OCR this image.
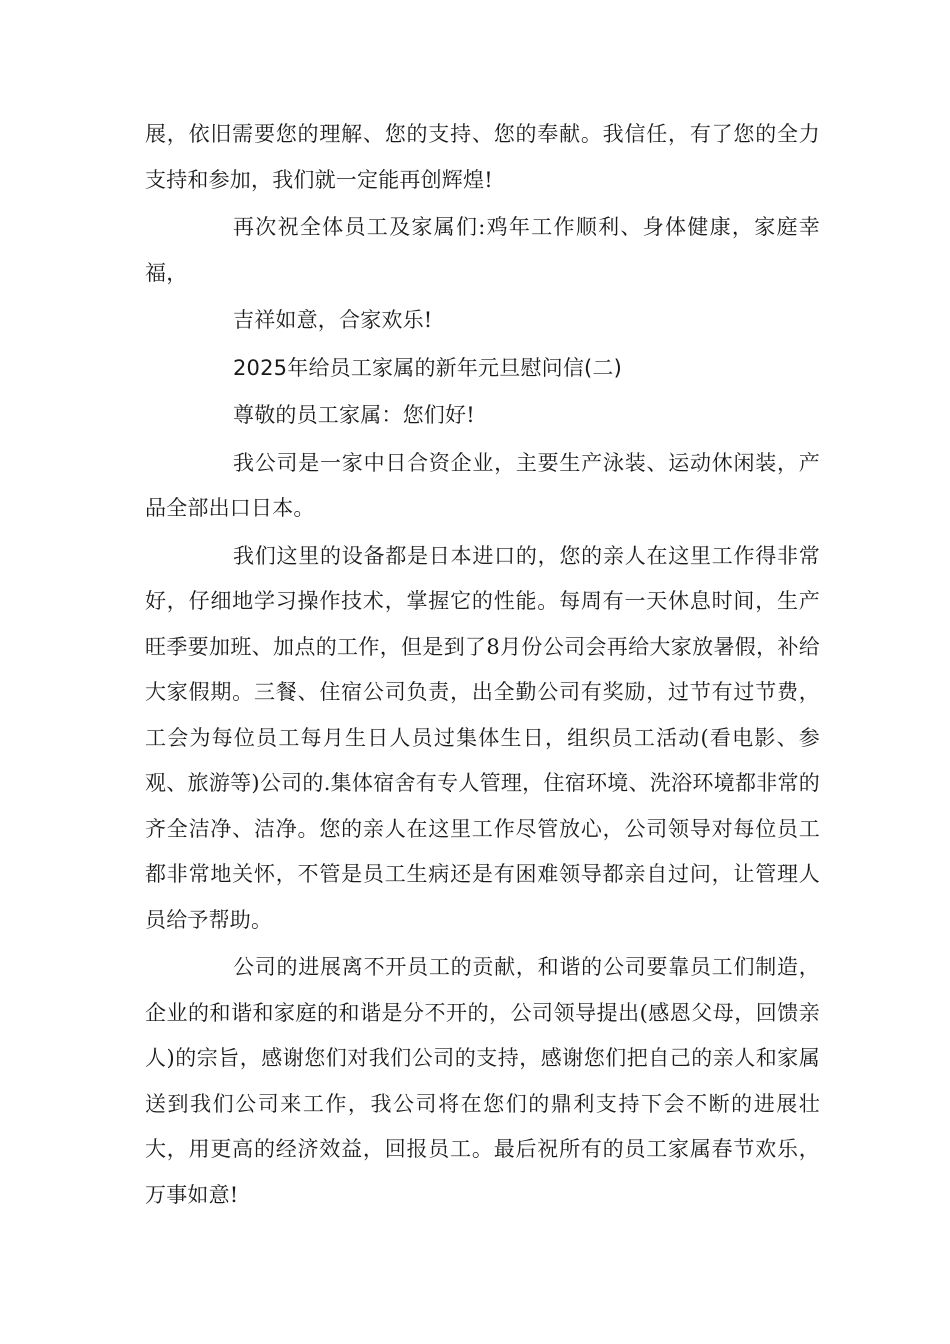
展，依旧需要您的理解、您的支持、您的奉献。我信任，有了您的全力支持和参加，我们就一定能再创辉煌!

再次祝全体员工及家属们:鸡年工作顺利、身体健康，家庭幸福，

吉祥如意，合家欢乐!

2025年给员工家属的新年元旦慰问信(二)

尊敬的员工家属：您们好!

我公司是一家中日合资企业，主要生产泳装、运动休闲装，产品全部出口日本。

我们这里的设备都是日本进口的，您的亲人在这里工作得非常好，仔细地学习操作技术，掌握它的性能。每周有一天休息时间，生产旺季要加班、加点的工作，但是到了8月份公司会再给大家放暑假，补给大家假期。三餐、住宿公司负责，出全勤公司有奖励，过节有过节费，工会为每位员工每月生日人员过集体生日，组织员工活动(看电影、参观、旅游等)公司的.集体宿舍有专人管理，住宿环境、洗浴环境都非常的齐全洁净、洁净。您的亲人在这里工作尽管放心，公司领导对每位员工都非常地关怀，不管是员工生病还是有困难领导都亲自过问，让管理人员给予帮助。

公司的进展离不开员工的贡献，和谐的公司要靠员工们制造，企业的和谐和家庭的和谐是分不开的，公司领导提出(感恩父母，回馈亲人)的宗旨，感谢您们对我们公司的支持，感谢您们把自己的亲人和家属送到我们公司来工作，我公司将在您们的鼎利支持下会不断的进展壮大，用更高的经济效益，回报员工。最后祝所有的员工家属春节欢乐，万事如意!
